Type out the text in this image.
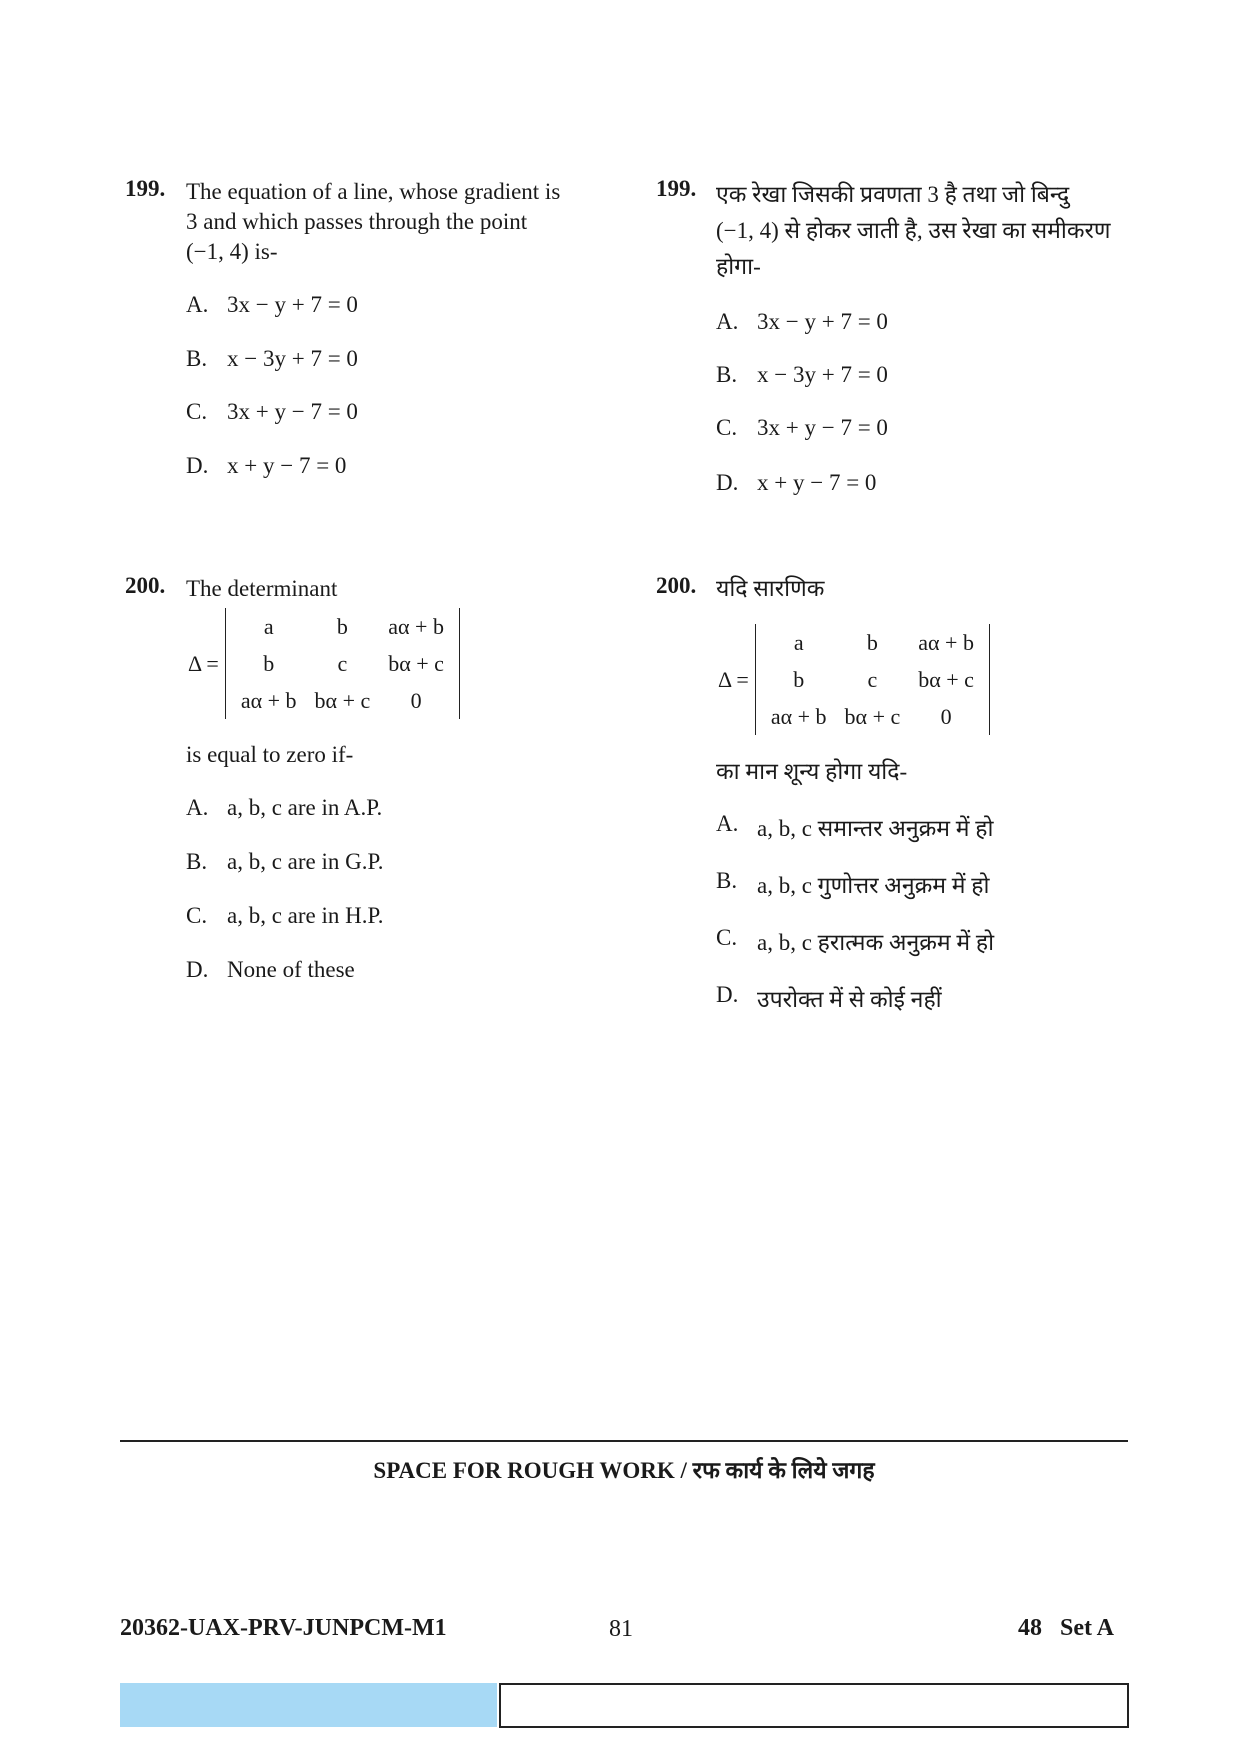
199. The equation of a line, whose gradient is
3 and which passes through the point
(−1, 4) is-
A. 3x − y + 7 = 0
B. x − 3y + 7 = 0
C. 3x + y − 7 = 0
D. x + y − 7 = 0
199. एक रेखा जिसकी प्रवणता 3 है तथा जो बिन्दु
(−1, 4) से होकर जाती है, उस रेखा का समीकरण
होगा-
A. 3x − y + 7 = 0
B. x − 3y + 7 = 0
C. 3x + y − 7 = 0
D. x + y − 7 = 0
200. The determinant
Δ =
a	b	aα + b
b	c	bα + c
aα + b	bα + c	0
is equal to zero if-
A. a, b, c are in A.P.
B. a, b, c are in G.P.
C. a, b, c are in H.P.
D. None of these
200. यदि सारणिक
Δ =
a	b	aα + b
b	c	bα + c
aα + b	bα + c	0
का मान शून्य होगा यदि-
A. a, b, c समान्तर अनुक्रम में हो
B. a, b, c गुणोत्तर अनुक्रम में हो
C. a, b, c हरात्मक अनुक्रम में हो
D. उपरोक्त में से कोई नहीं
SPACE FOR ROUGH WORK / रफ कार्य के लिये जगह
20362-UAX-PRV-JUNPCM-M1	81	48   Set A
